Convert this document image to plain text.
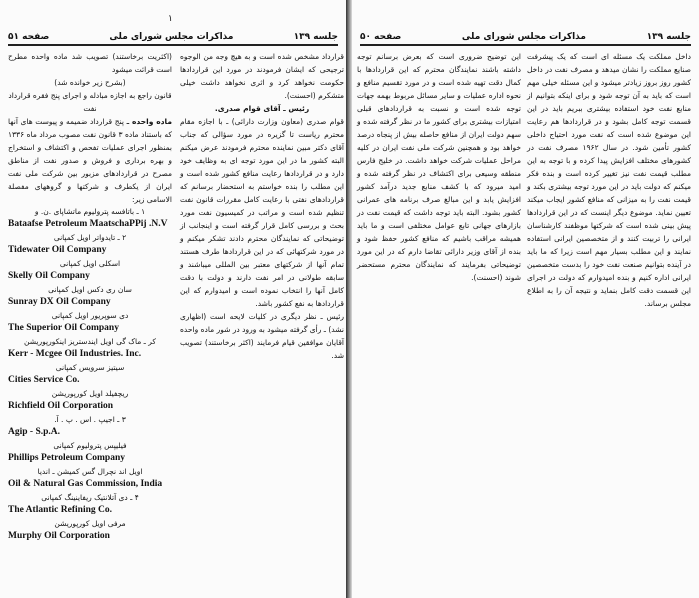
۱
جلسه ۱۳۹
مذاکرات مجلس شورای ملی
صفحه ۵۱

قرارداد مشخص شده است و به هیچ وجه من الوجوه ترجیحی که ایشان فرمودند در مورد این قراردادها حکومت نخواهد کرد و اثری نخواهد داشت خیلی متشکرم (احسنت).

رئیس ـ آقای قوام صدری.

قوام صدری (معاون وزارت دارائی) ـ با اجازه مقام محترم ریاست تا گزیره در مورد سؤالی که جناب آقای دکتر مبین نماینده محترم فرمودند عرض میکنم البته کشور ما در این مورد توجه ای به وظایف خود دارد و در قراردادها رعایت منافع کشور شده است و این مطلب را بنده خواستم به استحضار برسانم که قراردادهای نفتی با رعایت کامل مقررات قانون نفت تنظیم شده است و مراتب در کمیسیون نفت مورد بحث و بررسی کامل قرار گرفته است و اینجانب از توضیحاتی که نمایندگان محترم دادند تشکر میکنم و در مورد شرکتهائی که در این قراردادها طرف هستند تمام آنها از شرکتهای معتبر بین المللی میباشند و سابقه طولانی در امر نفت دارند و دولت با دقت کامل آنها را انتخاب نموده است و امیدوارم که این قراردادها به نفع کشور باشد.

رئیس ـ نظر دیگری در کلیات لایحه است (اظهاری نشد) ـ رأی گرفته میشود به ورود در شور ماده واحده آقایان موافقین قیام فرمایند (اکثر برخاستند) تصویب شد.

(اکثریت برخاستند) تصویب شد ماده واحده مطرح است قرائت میشود

(بشرح زیر خوانده شد)

قانون راجع به اجازه مبادله و اجرای پنج فقره قرارداد نفت

ماده واحده ـ پنج قرارداد ضمیمه و پیوست های آنها که باستناد ماده ۳ قانون نفت مصوب مرداد ماه ۱۳۳۶ بمنظور اجرای عملیات تفحص و اکتشاف و استخراج و بهره برداری و فروش و صدور نفت از مناطق مصرح در قراردادهای مزبور بین شرکت ملی نفت ایران از یکطرف و شرکتها و گروههای مفصلة الاسامی زیر:

۱ ـ باتافسه پترولیوم ماتشاپای .ن. و
Bataafse Petroleum MaatschaPPij .N.V
۲ ـ تایدواتر اویل کمپانی
Tidewater Oil Company
اسکلی اویل کمپانی
Skelly Oil Company
سان ری دکس اویل کمپانی
Sunray DX Oil Company
دی سوپریور اویل کمپانی
The Superior Oil Company
کر ـ ماک گی اویل ایندستریز اینکورپوریشن
Kerr - Mcgee Oil Industries. Inc.
سیتیز سرویس کمپانی
Cities Service Co.
ریچفیلد اویل کورپوریشن
Richfield Oil Corporation
۳ ـ اجیپ . اس . پ . آ.
Agip - S.p.A.
فیلیپس پترولیوم کمپانی
Phillips Petroleum Company
اویل اند نچرال گس کمیشن ـ اندیا
Oil & Natural Gas Commission, India
۴ ـ دی آتلانتیک ریفاینینگ کمپانی
The Atlantic Refining Co.
مرفی اویل کورپوریشن
Murphy Oil Corporation
جلسه ۱۳۹
مذاکرات مجلس شورای ملی
صفحه ۵۰

داخل مملکت یک مسئله ای است که یک پیشرفت صنایع مملکت را نشان میدهد و مصرف نفت در داخل کشور روز بروز زیادتر میشود و این مسئله خیلی مهم است که باید به آن توجه شود و برای اینکه بتوانیم از منابع نفت خود استفاده بیشتری ببریم باید در این قسمت توجه کامل بشود و در قراردادها هم رعایت این موضوع شده است که نفت مورد احتیاج داخلی کشور تأمین شود. در سال ۱۹۶۲ مصرف نفت در کشورهای مختلف افزایش پیدا کرده و با توجه به این مطلب قیمت نفت نیز تغییر کرده است و بنده فکر میکنم که دولت باید در این مورد توجه بیشتری بکند و قیمت نفت را به میزانی که منافع کشور ایجاب میکند تعیین نماید. موضوع دیگر اینست که در این قراردادها پیش بینی شده است که شرکتها موظفند کارشناسان ایرانی را تربیت کنند و از متخصصین ایرانی استفاده نمایند و این مطلب بسیار مهم است زیرا که ما باید در آینده بتوانیم صنعت نفت خود را بدست متخصصین ایرانی اداره کنیم و بنده امیدوارم که دولت در اجرای این قسمت دقت کامل بنماید و نتیجه آن را به اطلاع مجلس برساند.

این توضیح ضروری است که بعرض برسانم توجه داشته باشند نمایندگان محترم که این قراردادها با کمال دقت تهیه شده است و در مورد تقسیم منافع و نحوه اداره عملیات و سایر مسائل مربوط بهمه جهات توجه شده است و نسبت به قراردادهای قبلی امتیازات بیشتری برای کشور ما در نظر گرفته شده و سهم دولت ایران از منافع حاصله بیش از پنجاه درصد خواهد بود و همچنین شرکت ملی نفت ایران در کلیه مراحل عملیات شرکت خواهد داشت. در خلیج فارس منطقه وسیعی برای اکتشاف در نظر گرفته شده و امید میرود که با کشف منابع جدید درآمد کشور افزایش یابد و این مبالغ صرف برنامه های عمرانی کشور بشود. البته باید توجه داشت که قیمت نفت در بازارهای جهانی تابع عوامل مختلفی است و ما باید همیشه مراقب باشیم که منافع کشور حفظ شود و بنده از آقای وزیر دارائی تقاضا دارم که در این مورد توضیحاتی بفرمایند که نمایندگان محترم مستحضر شوند (احسنت).
